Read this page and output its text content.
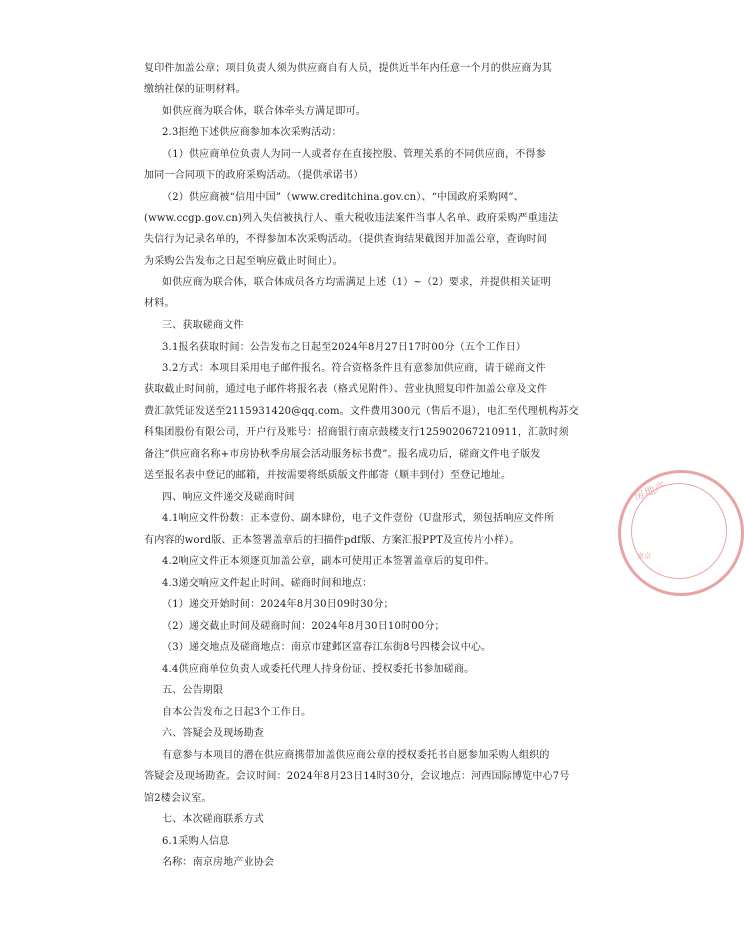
复印件加盖公章；项目负责人须为供应商自有人员，提供近半年内任意一个月的供应商为其
缴纳社保的证明材料。
如供应商为联合体，联合体牵头方满足即可。
2.3拒绝下述供应商参加本次采购活动：
（1）供应商单位负责人为同一人或者存在直接控股、管理关系的不同供应商，不得参
加同一合同项下的政府采购活动。（提供承诺书）
（2）供应商被“信用中国”（www.creditchina.gov.cn）、“中国政府采购网”、
(www.ccgp.gov.cn)列入失信被执行人、重大税收违法案件当事人名单、政府采购严重违法
失信行为记录名单的，不得参加本次采购活动。（提供查询结果截图并加盖公章，查询时间
为采购公告发布之日起至响应截止时间止）。
如供应商为联合体，联合体成员各方均需满足上述（1）~（2）要求，并提供相关证明
材料。
三、获取磋商文件
3.1报名获取时间：公告发布之日起至2024年8月27日17时00分（五个工作日）
3.2方式：本项目采用电子邮件报名。符合资格条件且有意参加供应商，请于磋商文件
获取截止时间前，通过电子邮件将报名表（格式见附件）、营业执照复印件加盖公章及文件
费汇款凭证发送至2115931420@qq.com。文件费用300元（售后不退），电汇至代理机构苏交
科集团股份有限公司，开户行及账号：招商银行南京鼓楼支行125902067210911，汇款时须
备注“供应商名称+市房协秋季房展会活动服务标书费”。报名成功后，磋商文件电子版发
送至报名表中登记的邮箱，并按需要将纸质版文件邮寄（顺丰到付）至登记地址。
四、响应文件递交及磋商时间
4.1响应文件份数：正本壹份、副本肆份，电子文件壹份（U盘形式，须包括响应文件所
有内容的word版、正本签署盖章后的扫描件pdf版、方案汇报PPT及宣传片小样）。
4.2响应文件正本须逐页加盖公章，副本可使用正本签署盖章后的复印件。
4.3递交响应文件起止时间、磋商时间和地点：
（1）递交开始时间：2024年8月30日09时30分；
（2）递交截止时间及磋商时间：2024年8月30日10时00分；
（3）递交地点及磋商地点：南京市建邺区富春江东街8号四楼会议中心。
4.4供应商单位负责人或委托代理人持身份证、授权委托书参加磋商。
五、公告期限
自本公告发布之日起3个工作日。
六、答疑会及现场勘查
有意参与本项目的潜在供应商携带加盖供应商公章的授权委托书自愿参加采购人组织的
答疑会及现场勘查。会议时间：2024年8月23日14时30分，会议地点：河西国际博览中心7号
馆2楼会议室。
七、本次磋商联系方式
6.1采购人信息
名称：南京房地产业协会
房地产
南京
